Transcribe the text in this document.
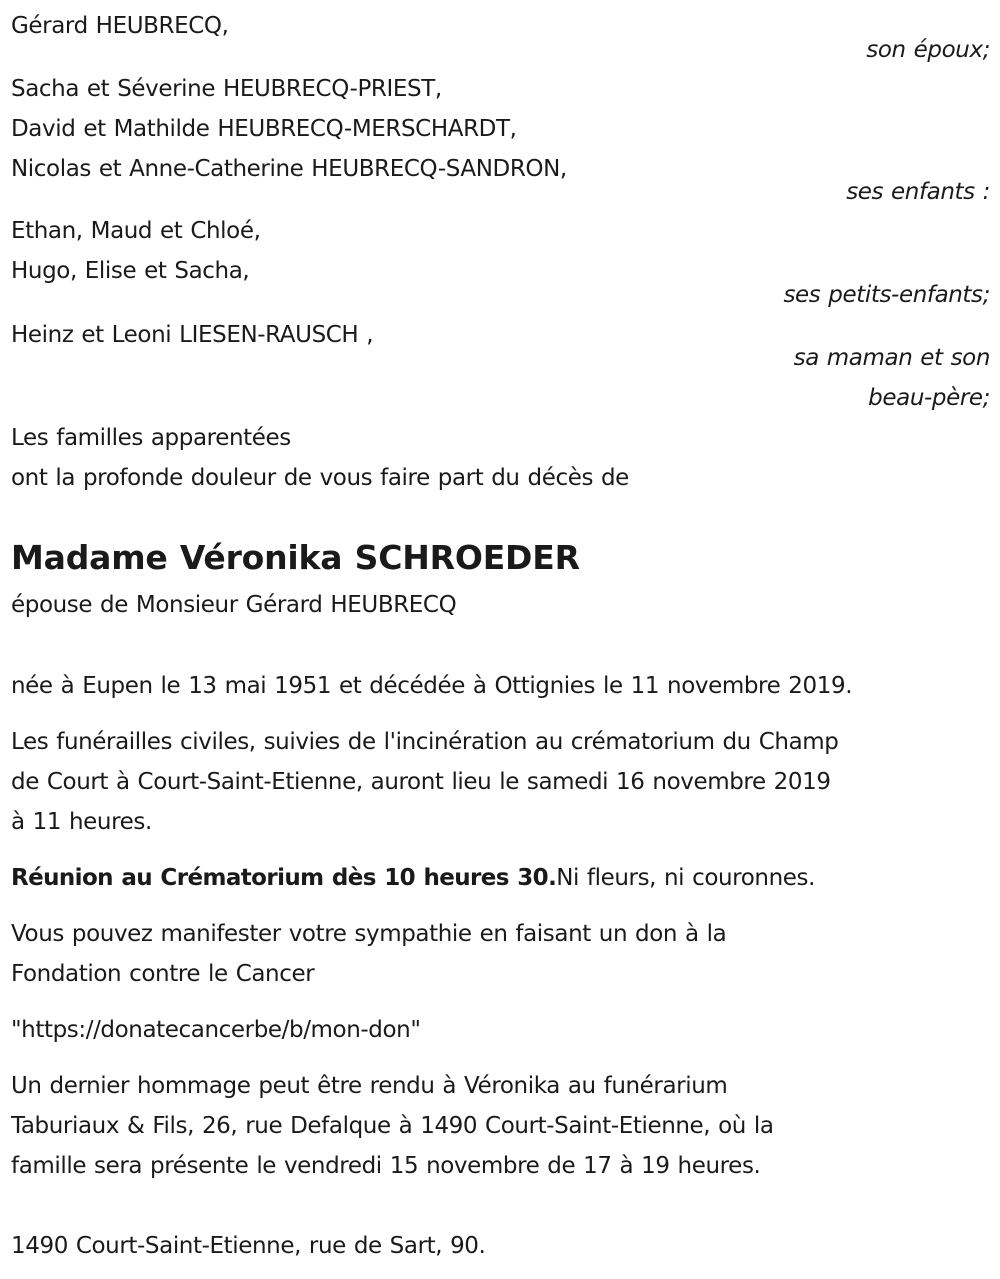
Gérard HEUBRECQ,
son époux;
Sacha et Séverine HEUBRECQ-PRIEST,
David et Mathilde HEUBRECQ-MERSCHARDT,
Nicolas et Anne-Catherine HEUBRECQ-SANDRON,
ses enfants :
Ethan, Maud et Chloé,
Hugo, Elise et Sacha,
ses petits-enfants;
Heinz et Leoni LIESEN-RAUSCH ,
sa maman et son
beau-père;
Les familles apparentées
ont la profonde douleur de vous faire part du décès de
Madame Véronika SCHROEDER
épouse de Monsieur Gérard HEUBRECQ
née à Eupen le 13 mai 1951 et décédée à Ottignies le 11 novembre 2019.
Les funérailles civiles, suivies de l'incinération au crématorium du Champ
de Court à Court-Saint-Etienne, auront lieu le samedi 16 novembre 2019
à 11 heures.
Réunion au Crématorium dès 10 heures 30.Ni fleurs, ni couronnes.
Vous pouvez manifester votre sympathie en faisant un don à la
Fondation contre le Cancer
"https://donatecancerbe/b/mon-don"
Un dernier hommage peut être rendu à Véronika au funérarium
Taburiaux & Fils, 26, rue Defalque à 1490 Court-Saint-Etienne, où la
famille sera présente le vendredi 15 novembre de 17 à 19 heures.
1490 Court-Saint-Etienne, rue de Sart, 90.
